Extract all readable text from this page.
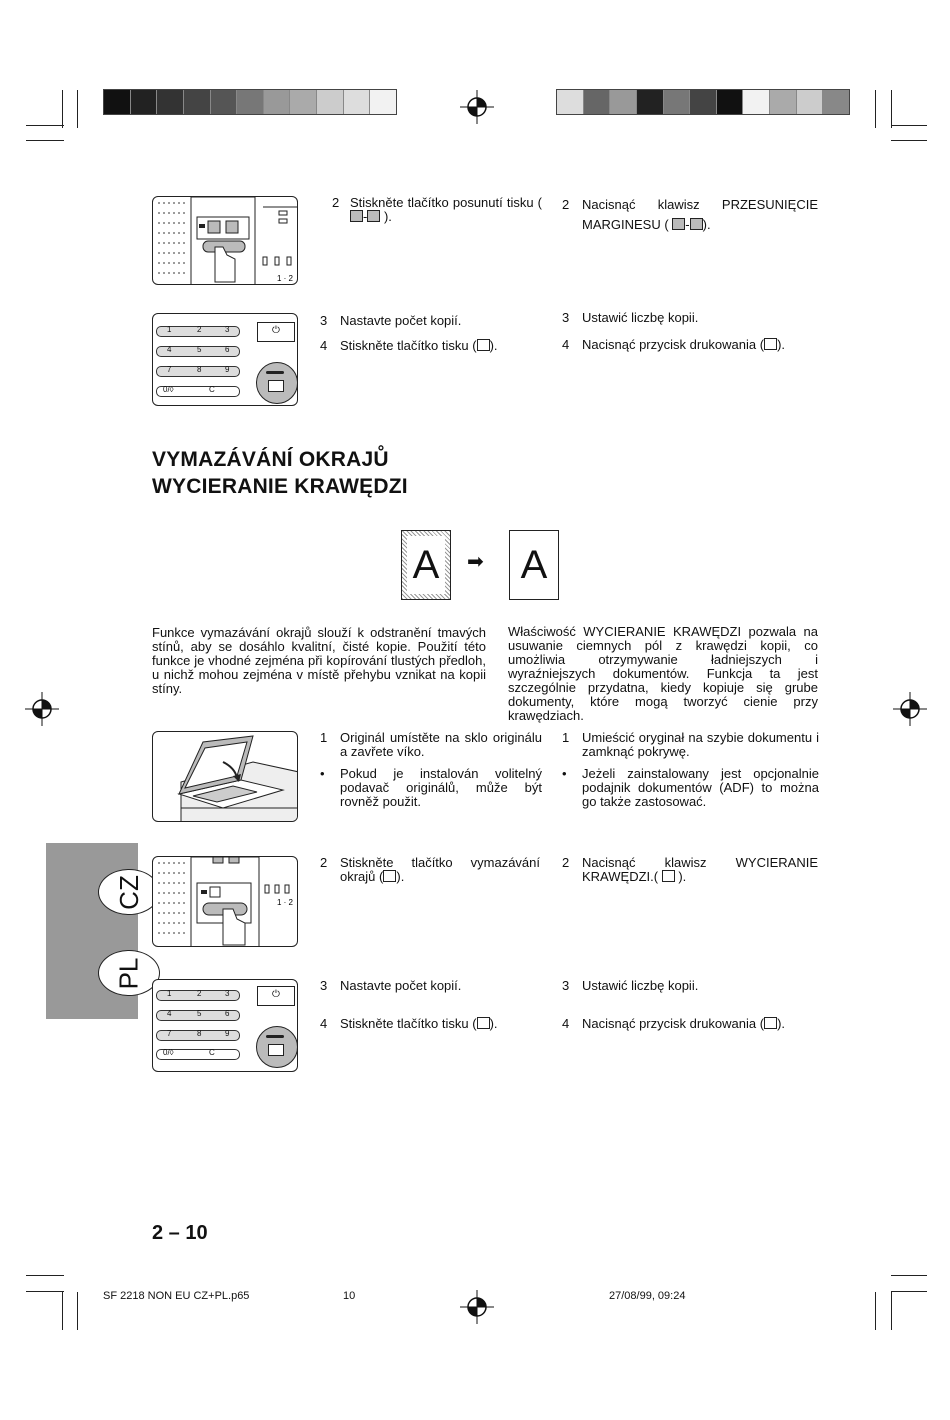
1 · 2
2 Stiskněte tlačítko posunutí tisku ( - ).
2 Nacisnąć klawisz PRZESUNIĘCIE MARGINESU ( - ).
1	2	3
4	5	6
7	8	9
0/◊	C
⏻
3 Nastavte počet kopií.
4 Stiskněte tlačítko tisku ( ).
3 Ustawić liczbę kopii.
4 Nacisnąć przycisk drukowania ( ).
VYMAZÁVÁNÍ OKRAJŮ
WYCIERANIE KRAWĘDZI
A	➡ A
Funkce vymazávání okrajů slouží k odstranění tmavých stínů, aby se dosáhlo kvalitní, čisté kopie. Použití této funkce je vhodné zejména při kopírování tlustých předloh, u nichž mohou zejména v místě přehybu vznikat na kopii stíny.
Właściwość WYCIERANIE KRAWĘDZI pozwala na usuwanie ciemnych pól z krawędzi kopii, co umożliwia otrzymywanie ładniejszych i wyraźniejszych dokumentów. Funkcja ta jest szczególnie przydatna, kiedy kopiuje się grube dokumenty, które mogą tworzyć cienie przy krawędziach.
1 Originál umístěte na sklo originálu a zavřete víko.
• Pokud je instalován volitelný podavač originálů, může být rovněž použit.
1 Umieścić oryginał na szybie dokumentu i zamknąć pokrywę.
• Jeżeli zainstalowany jest opcjonalnie podajnik dokumentów (ADF) to można go także zastosować.
CZ
PL
1 · 2
2 Stiskněte tlačítko vymazávání okrajů ( ).
2 Nacisnąć klawisz WYCIERANIE KRAWĘDZI.( ).
1	2	3
4	5	6
7	8	9
0/◊	C
⏻
3 Nastavte počet kopií.
4 Stiskněte tlačítko tisku ( ).
3 Ustawić liczbę kopii.
4 Nacisnąć przycisk drukowania ( ).
2 – 10
SF 2218 NON EU CZ+PL.p65	10	27/08/99, 09:24
